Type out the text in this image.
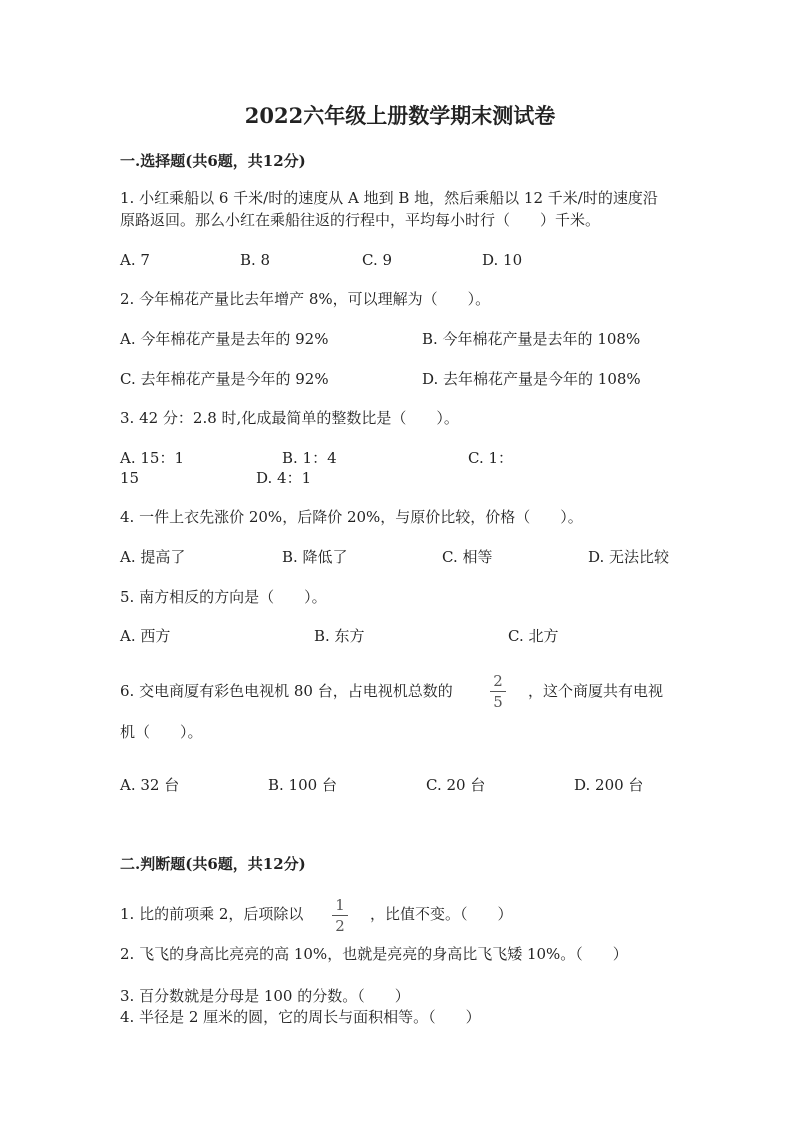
2022六年级上册数学期末测试卷
一.选择题(共6题，共12分)
1. 小红乘船以 6 千米/时的速度从 A 地到 B 地，然后乘船以 12 千米/时的速度沿
原路返回。那么小红在乘船往返的行程中，平均每小时行（　　）千米。
A. 7	B. 8	C. 9	D. 10
2. 今年棉花产量比去年增产 8%，可以理解为（　　）。
A. 今年棉花产量是去年的 92%	B. 今年棉花产量是去年的 108%
C. 去年棉花产量是今年的 92%	D. 去年棉花产量是今年的 108%
3. 42 分：2.8 时,化成最简单的整数比是（　　）。
A. 15：1	B. 1：4	C. 1：
15	D. 4：1
4. 一件上衣先涨价 20%，后降价 20%，与原价比较，价格（　　）。
A. 提高了	B. 降低了	C. 相等	D. 无法比较
5. 南方相反的方向是（　　）。
A. 西方	B. 东方	C. 北方
6. 交电商厦有彩色电视机 80 台，占电视机总数的
2
5
，这个商厦共有电视
机（　　）。
A. 32 台	B. 100 台	C. 20 台	D. 200 台
二.判断题(共6题，共12分)
1. 比的前项乘 2，后项除以	1
2
，比值不变。（　　）
2. 飞飞的身高比亮亮的高 10%，也就是亮亮的身高比飞飞矮 10%。（　　）
3. 百分数就是分母是 100 的分数。（　　）
4. 半径是 2 厘米的圆，它的周长与面积相等。（　　）
